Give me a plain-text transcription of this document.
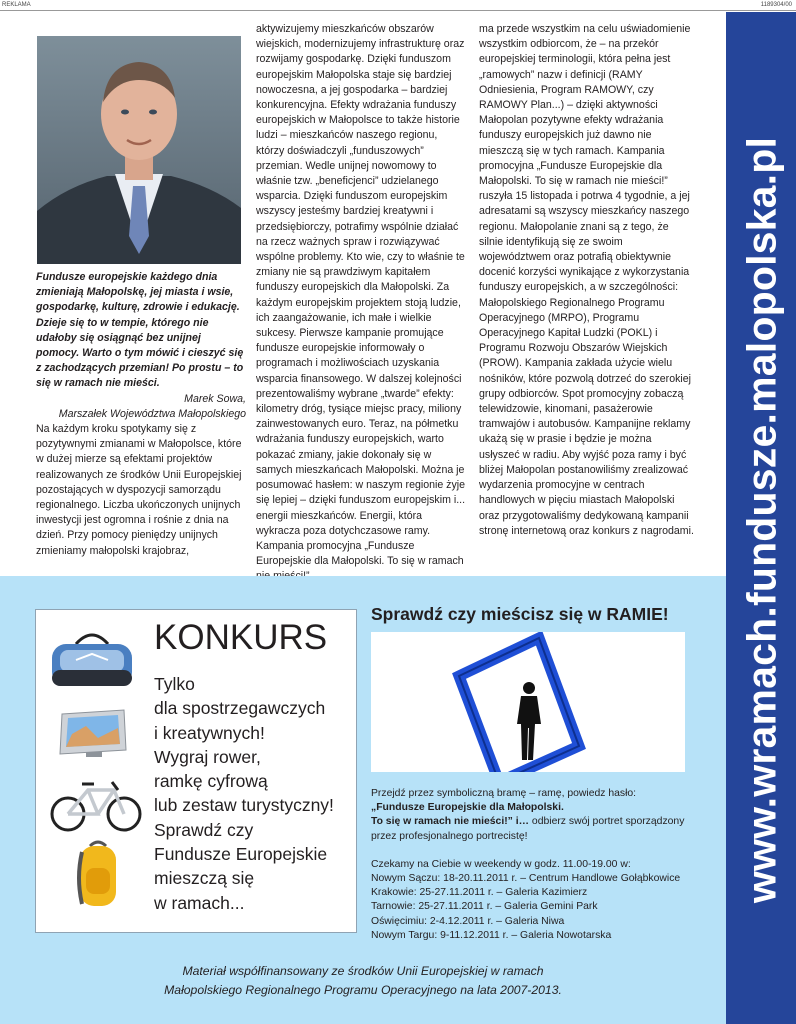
REKLAMA	1189304/00
www.wramach.fundusze.malopolska.pl

Fundusze europejskie każdego dnia zmieniają Małopolskę, jej miasta i wsie, gospodarkę, kulturę, zdrowie i edukację. Dzieje się to w tempie, którego nie udałoby się osiągnąć bez unijnej pomocy. Warto o tym mówić i cieszyć się z zachodzących przemian! Po prostu – to się w ramach nie mieści.

Marek Sowa,

Marszałek Województwa Małopolskiego

Na każdym kroku spotykamy się z pozytywnymi zmianami w Małopolsce, które w dużej mierze są efektami projektów realizowanych ze środków Unii Europejskiej pozostających w dyspozycji samorządu regionalnego. Liczba ukończonych unijnych inwestycji jest ogromna i rośnie z dnia na dzień. Przy pomocy pieniędzy unijnych zmieniamy małopolski krajobraz,

aktywizujemy mieszkańców obszarów wiejskich, modernizujemy infrastrukturę oraz rozwijamy gospodarkę. Dzięki funduszom europejskim Małopolska staje się bardziej nowoczesna, a jej gospodarka – bardziej konkurencyjna. Efekty wdrażania funduszy europejskich w Małopolsce to także historie ludzi – mieszkańców naszego regionu, którzy doświadczyli „funduszowych” przemian. Wedle unijnej nowomowy to właśnie tzw. „beneficjenci” udzielanego wsparcia. Dzięki funduszom europejskim wszyscy jesteśmy bardziej kreatywni i przedsiębiorczy, potrafimy wspólnie działać na rzecz ważnych spraw i rozwiązywać wspólne problemy. Kto wie, czy to właśnie te zmiany nie są prawdziwym kapitałem funduszy europejskich dla Małopolski. Za każdym europejskim projektem stoją ludzie, ich zaangażowanie, ich małe i wielkie sukcesy. Pierwsze kampanie promujące fundusze europejskie informowały o programach i możliwościach uzyskania wsparcia finansowego. W dalszej kolejności prezentowaliśmy wybrane „twarde” efekty: kilometry dróg, tysiące miejsc pracy, miliony zainwestowanych euro. Teraz, na półmetku wdrażania funduszy europejskich, warto pokazać zmiany, jakie dokonały się w samych mieszkańcach Małopolski. Można je posumować hasłem: w naszym regionie żyje się lepiej – dzięki funduszom europejskim i... energii mieszkańców. Energii, która wykracza poza dotychczasowe ramy. Kampania promocyjna „Fundusze Europejskie dla Małopolski. To się w ramach

ma przede wszystkim na celu uświadomienie wszystkim odbiorcom, że – na przekór europejskiej terminologii, która pełna jest „ramowych” nazw i definicji (RAMY Odniesienia, Program RAMOWY, czy RAMOWY Plan...) – dzięki aktywności Małopolan pozytywne efekty wdrażania funduszy europejskich już dawno nie mieszczą się w tych ramach. Kampania promocyjna „Fundusze Europejskie dla Małopolski. To się w ramach nie mieści!” ruszyła 15 listopada i potrwa 4 tygodnie, a jej adresatami są wszyscy mieszkańcy naszego regionu. Małopolanie znani są z tego, że silnie identyfikują się ze swoim województwem oraz potrafią obiektywnie docenić korzyści wynikające z wykorzystania funduszy europejskich, a w szczególności: Małopolskiego Regionalnego Programu Operacyjnego (MRPO), Programu Operacyjnego Kapitał Ludzki (POKL) i Programu Rozwoju Obszarów Wiejskich (PROW). Kampania zakłada użycie wielu nośników, które pozwolą dotrzeć do szerokiej grupy odbiorców. Spot promocyjny zobaczą telewidzowie, kinomani, pasażerowie tramwajów i autobusów. Kampanijne reklamy ukażą się w prasie i będzie je można usłyszeć w radiu. Aby wyjść poza ramy i być bliżej Małopolan postanowiliśmy zrealizować wydarzenia promocyjne w centrach handlowych w pięciu miastach Małopolski oraz przygotowaliśmy dedykowaną kampanii stronę internetową oraz konkurs z nagrodami.

KONKURS
Tylko
dla spostrzegawczych
i kreatywnych!
Wygraj rower,
ramkę cyfrową
lub zestaw turystyczny!
Sprawdź czy
Fundusze Europejskie
mieszczą się
w ramach...
Sprawdź czy mieścisz się w RAMIE!
Przejdź przez symboliczną bramę – ramę, powiedz hasło:
„Fundusze Europejskie dla Małopolski.
To się w ramach nie mieści!” i… odbierz swój portret sporządzony przez profesjonalnego portrecistę!
Czekamy na Ciebie w weekendy w godz. 11.00-19.00 w:
Nowym Sączu: 18-20.11.2011 r. – Centrum Handlowe Gołąbkowice
Krakowie: 25-27.11.2011 r. – Galeria Kazimierz
Tarnowie: 25-27.11.2011 r. – Galeria Gemini Park
Oświęcimiu: 2-4.12.2011 r. – Galeria Niwa
Nowym Targu: 9-11.12.2011 r. – Galeria Nowotarska
Materiał współfinansowany ze środków Unii Europejskiej w ramach
Małopolskiego Regionalnego Programu Operacyjnego na lata 2007-2013.
